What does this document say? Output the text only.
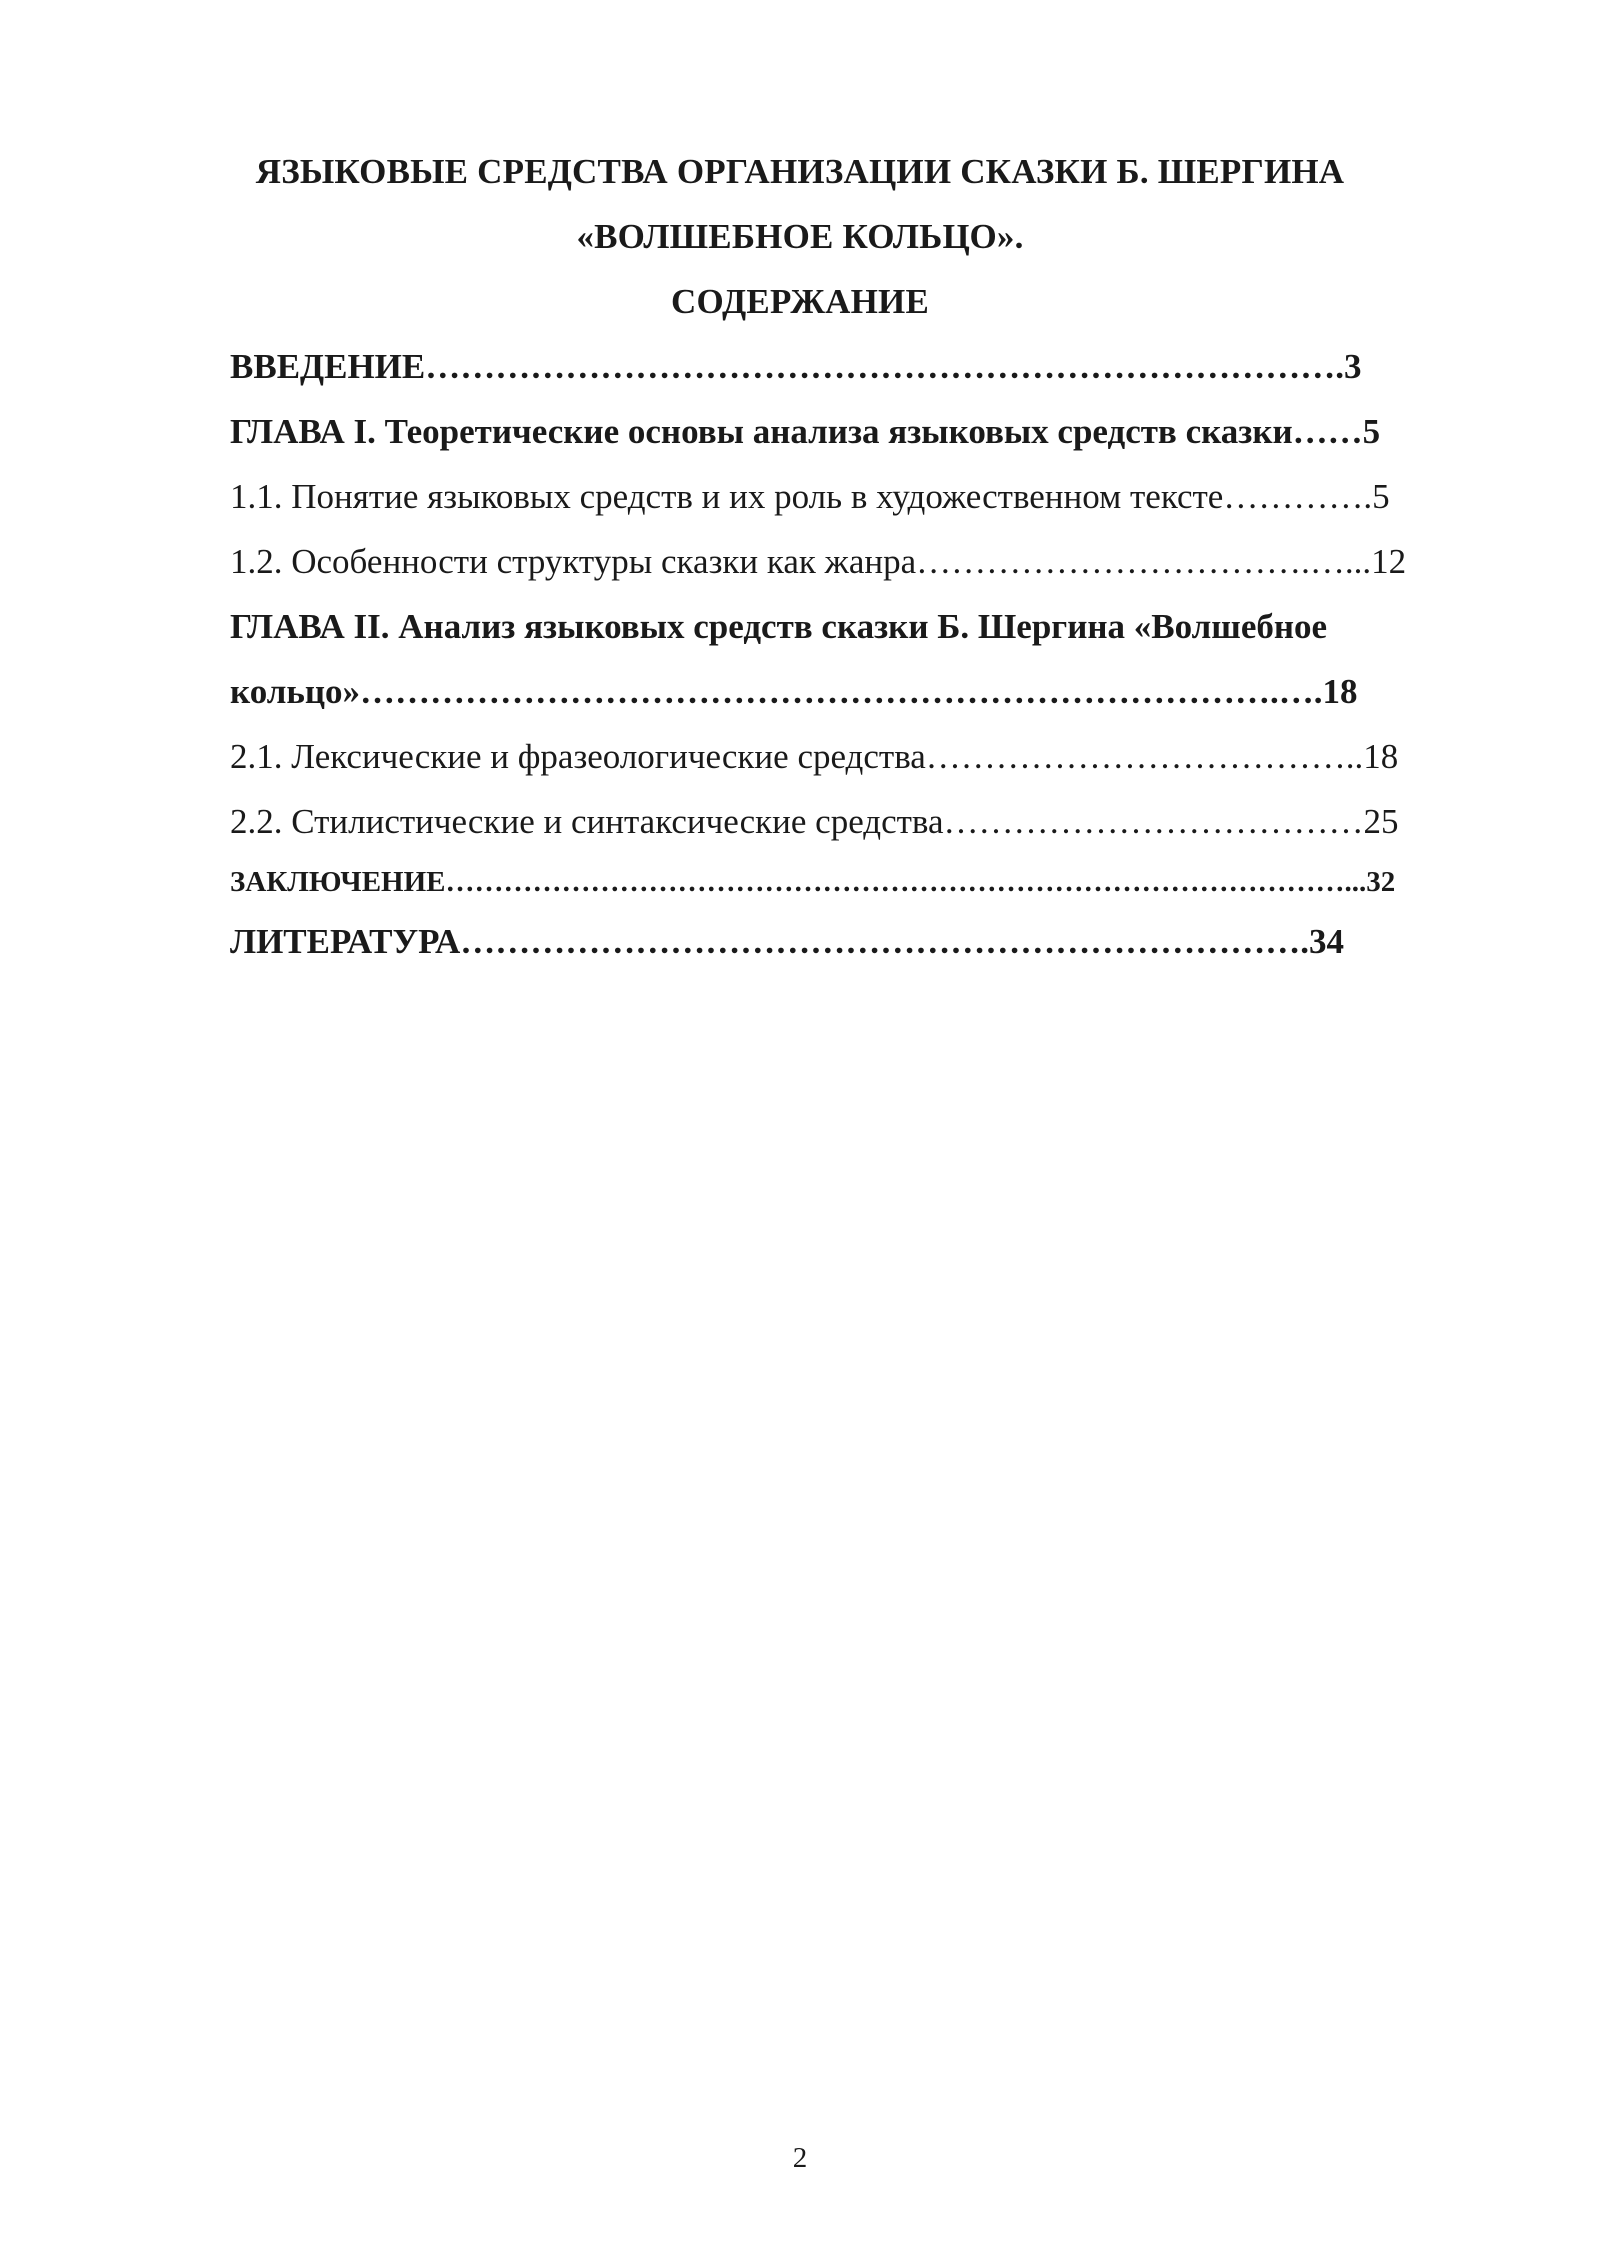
ЯЗЫКОВЫЕ СРЕДСТВА ОРГАНИЗАЦИИ СКАЗКИ Б. ШЕРГИНА
«ВОЛШЕБНОЕ КОЛЬЦО».
СОДЕРЖАНИЕ
ВВЕДЕНИЕ…………………………………………………………………….3
ГЛАВА I. Теоретические основы анализа языковых средств сказки……5
1.1. Понятие языковых средств и их роль в художественном тексте………….5
1.2. Особенности структуры сказки как жанра…………………………….…...12
ГЛАВА II. Анализ языковых средств сказки Б. Шергина «Волшебное
кольцо»…………………………………………………………………….….18
2.1. Лексические и фразеологические средства………………………………..18
2.2. Стилистические и синтаксические средства………………………………25
ЗАКЛЮЧЕНИЕ…………………………………………………………………………………...32
ЛИТЕРАТУРА……………………………………………………………….34
2
